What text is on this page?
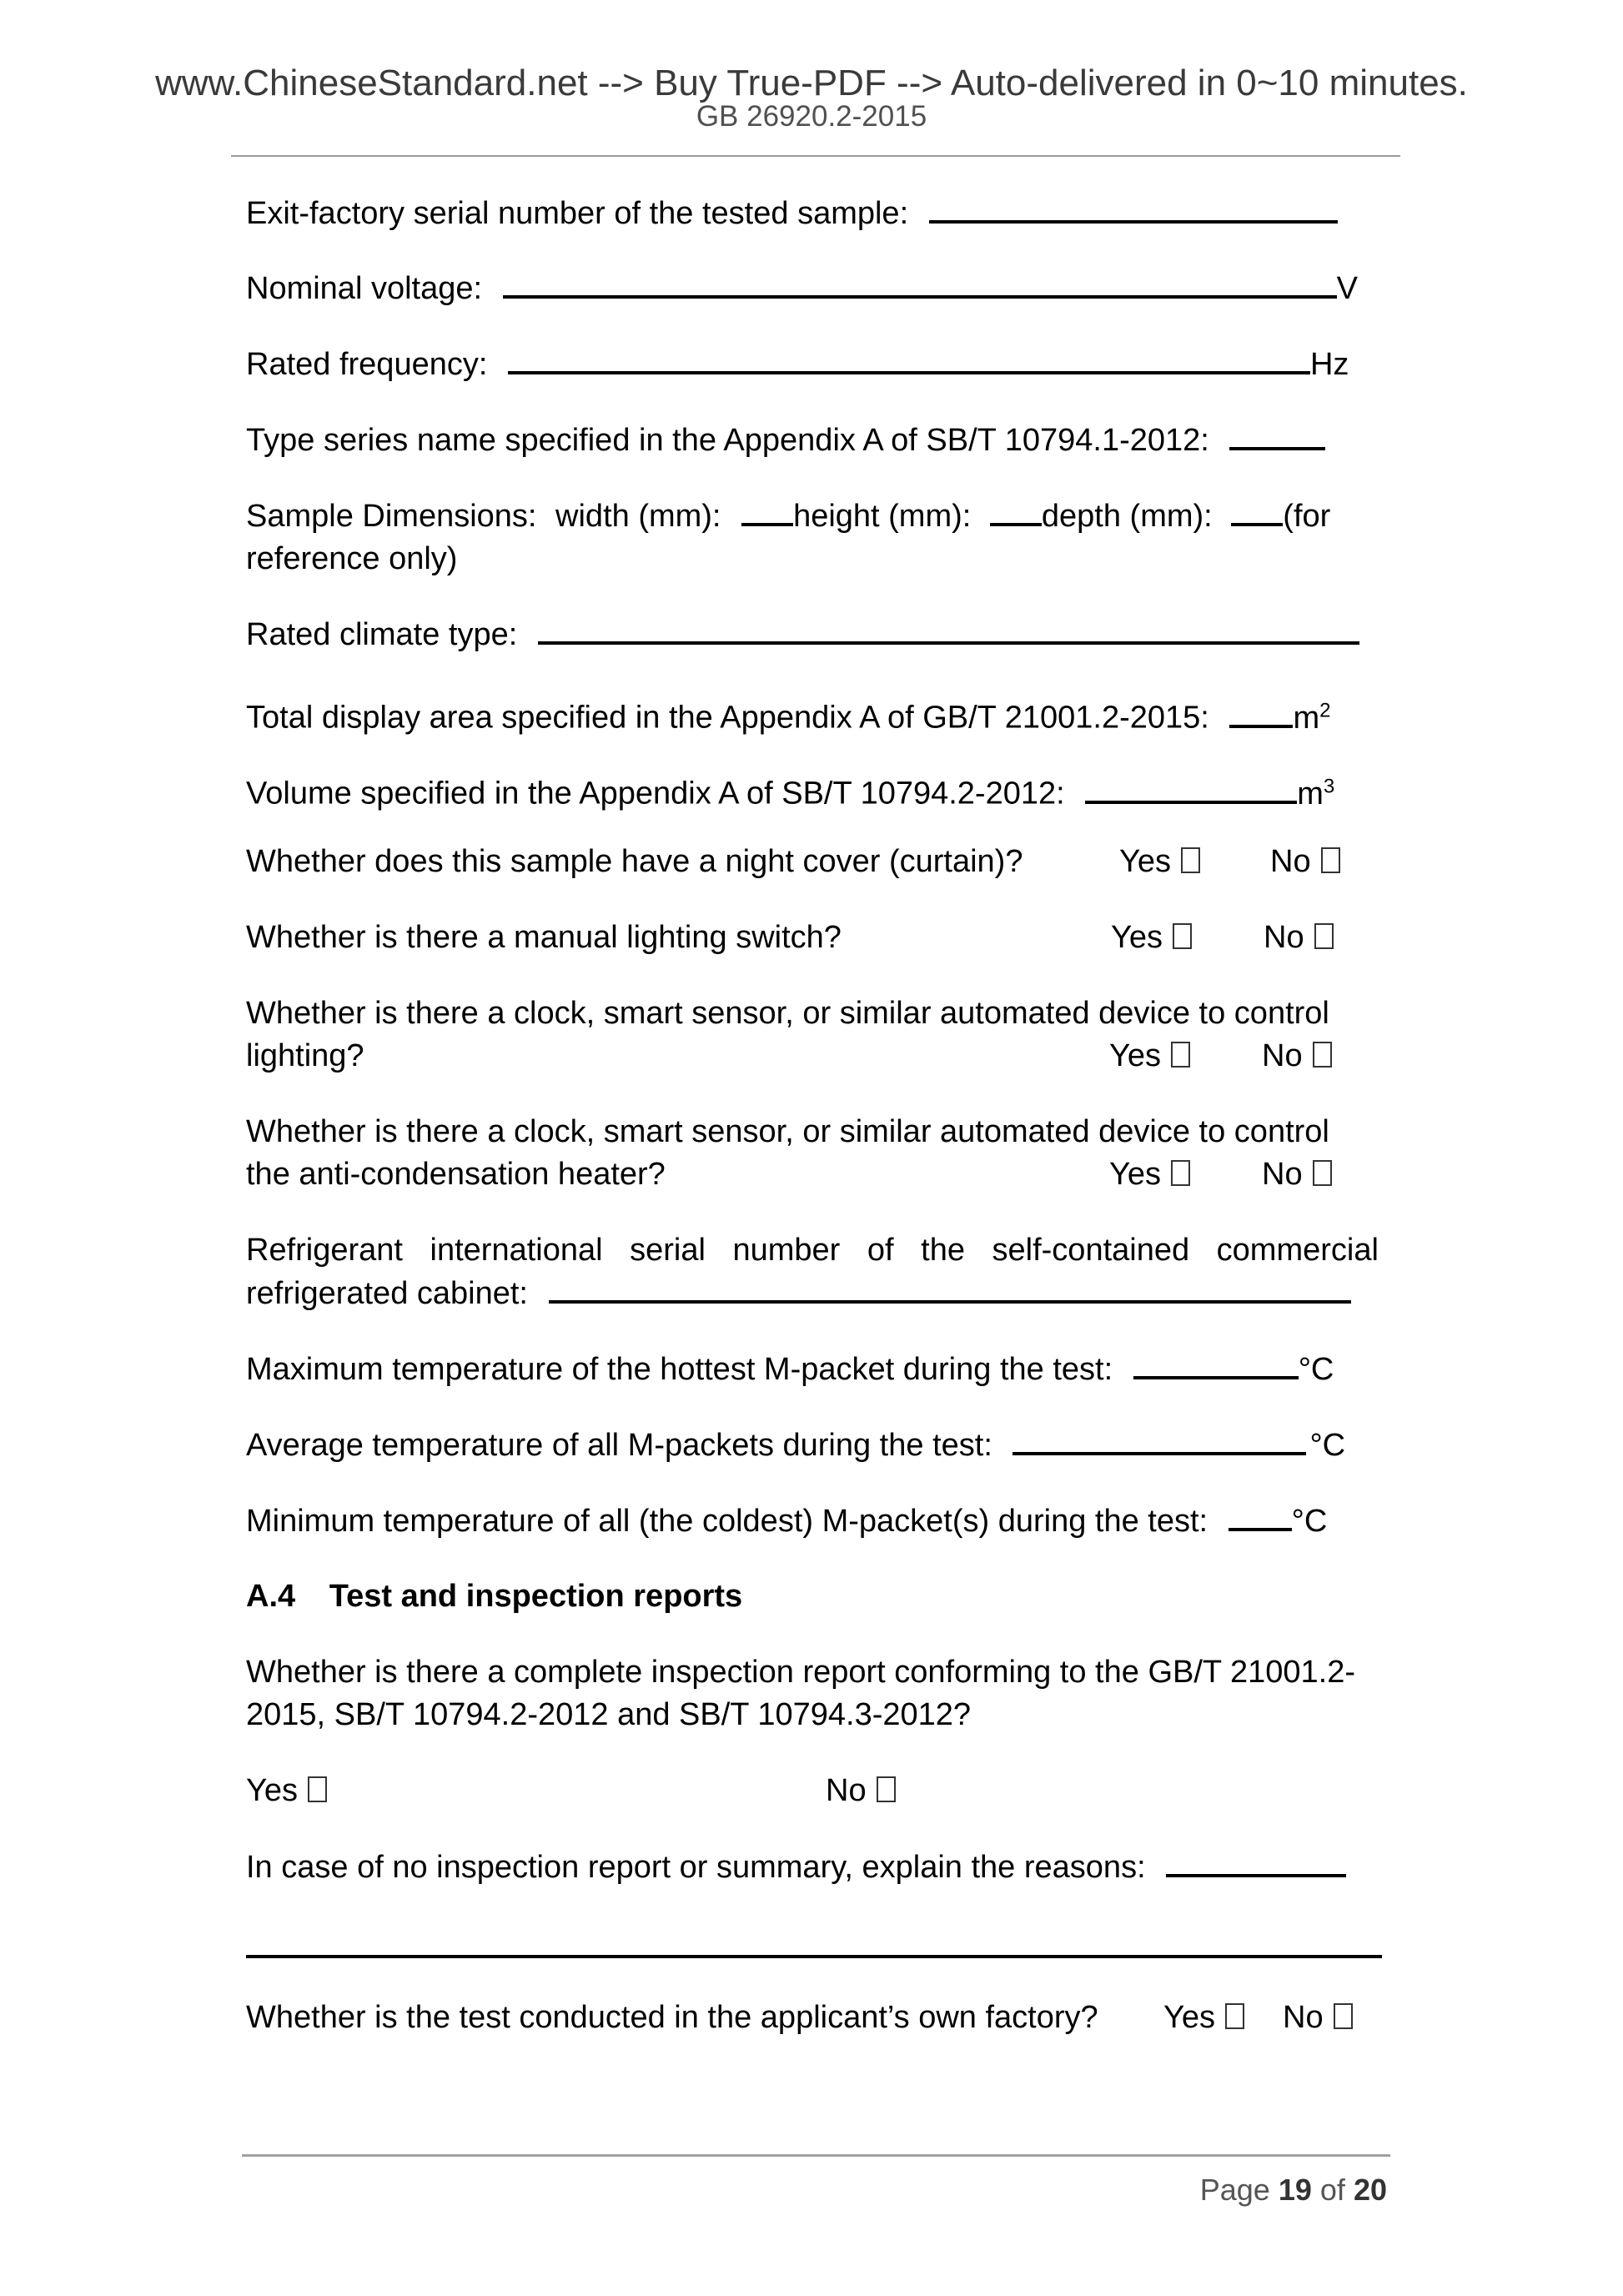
www.ChineseStandard.net --> Buy True-PDF --> Auto-delivered in 0~10 minutes.
GB 26920.2-2015
Exit-factory serial number of the tested sample:
Nominal voltage:	V
Rated frequency:	Hz
Type series name specified in the Appendix A of SB/T 10794.1-2012:
Sample Dimensions: width (mm): height (mm): depth (mm): (for
reference only)
Rated climate type:
Total display area specified in the Appendix A of GB/T 21001.2-2015:	$m^2$
Volume specified in the Appendix A of SB/T 10794.2-2012:	$m^3$
Whether does this sample have a night cover (curtain)?	Yes	No
Whether is there a manual lighting switch?	Yes	No
Whether is there a clock, smart sensor, or similar automated device to control
lighting?	Yes	No
Whether is there a clock, smart sensor, or similar automated device to control
the anti-condensation heater?	Yes	No
Refrigerant international serial number of the self-contained commercial
refrigerated cabinet:
Maximum temperature of the hottest M-packet during the test:	°C
Average temperature of all M-packets during the test:	°C
Minimum temperature of all (the coldest) M-packet(s) during the test:	°C
A.4 Test and inspection reports
Whether is there a complete inspection report conforming to the GB/T 21001.2-
2015, SB/T 10794.2-2012 and SB/T 10794.3-2012?
Yes	No
In case of no inspection report or summary, explain the reasons:
Whether is the test conducted in the applicant’s own factory? Yes	No
Page 19 of 20
